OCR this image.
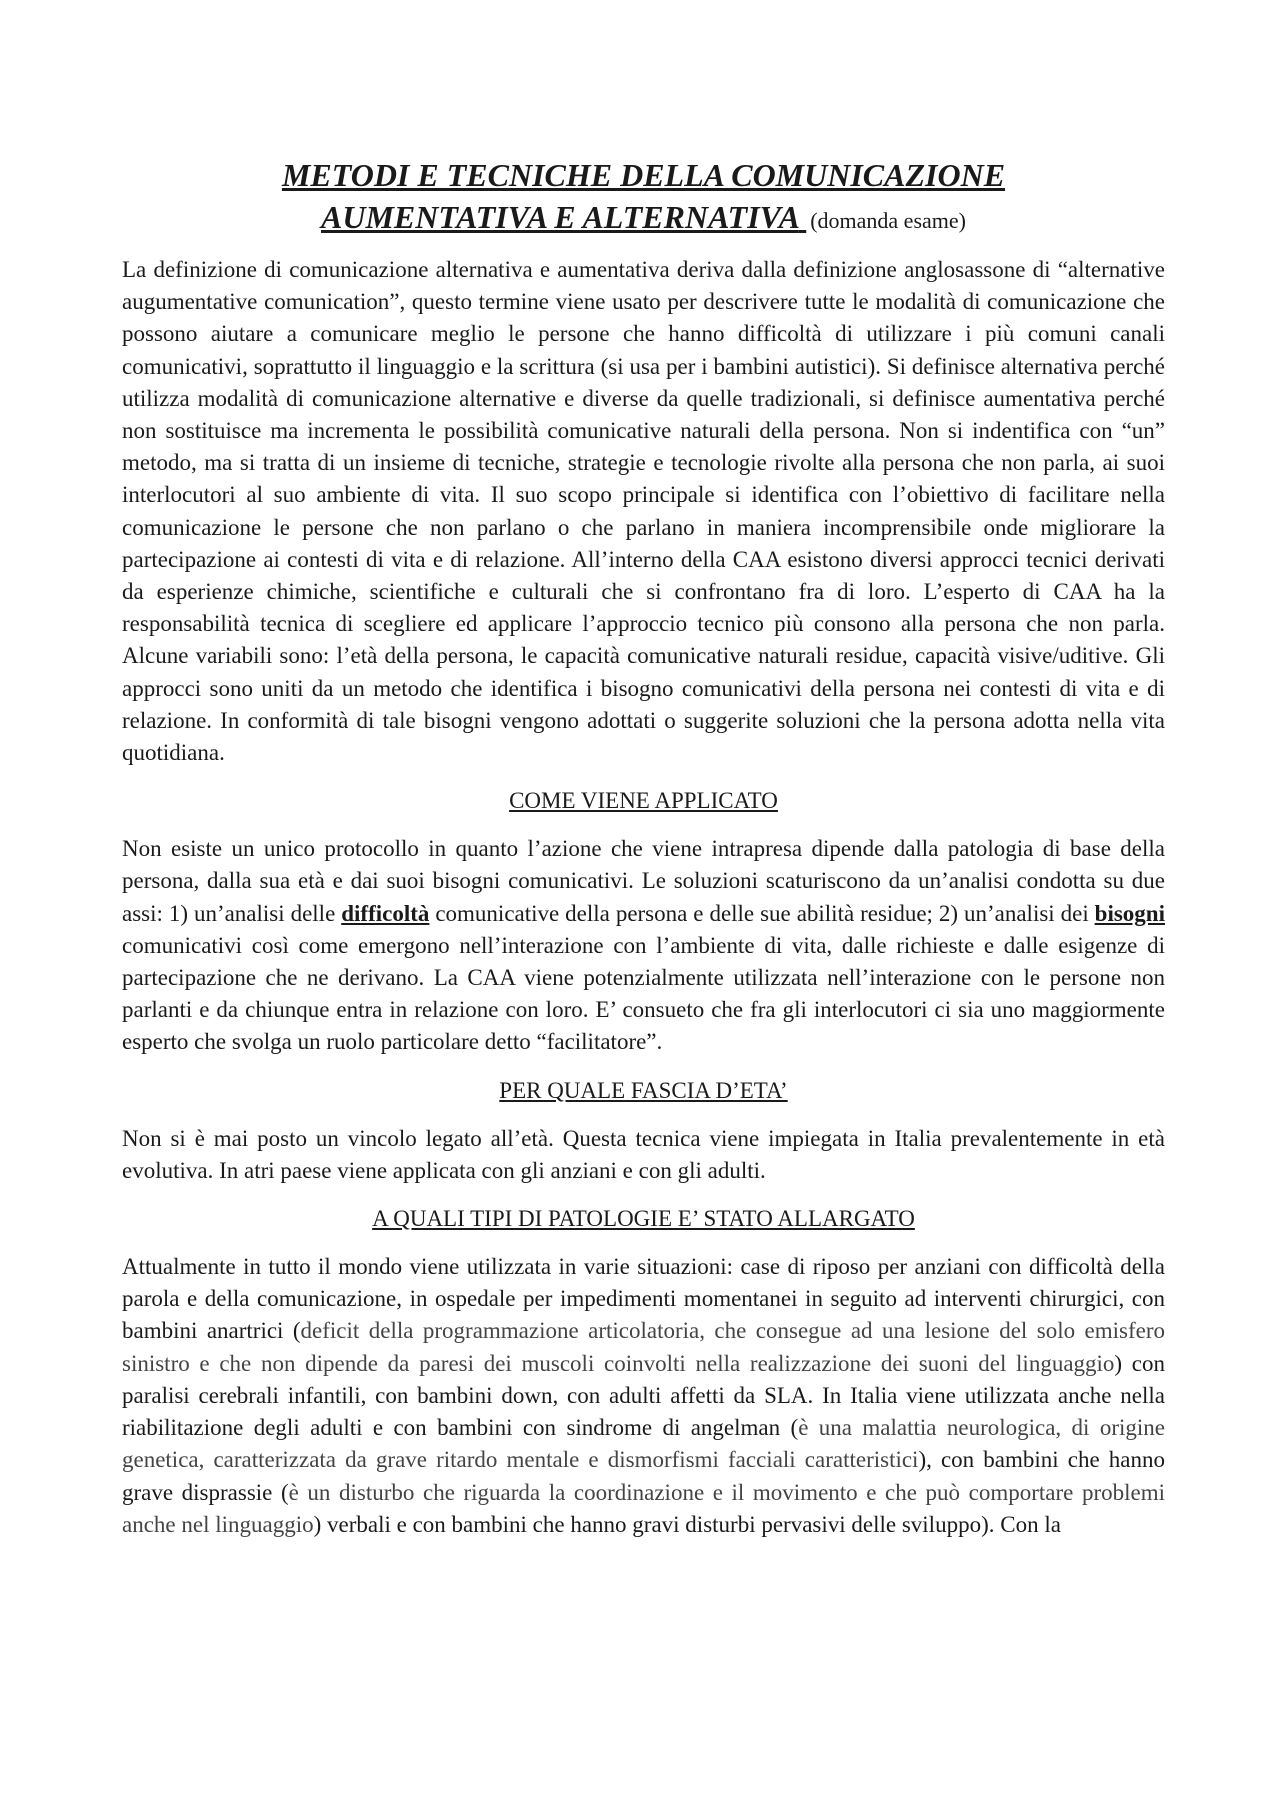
METODI E TECNICHE DELLA COMUNICAZIONE
AUMENTATIVA E ALTERNATIVA (domanda esame)

La definizione di comunicazione alternativa e aumentativa deriva dalla definizione anglosassone di “alternative augumentative comunication”, questo termine viene usato per descrivere tutte le modalità di comunicazione che possono aiutare a comunicare meglio le persone che hanno difficoltà di utilizzare i più comuni canali comunicativi, soprattutto il linguaggio e la scrittura (si usa per i bambini autistici). Si definisce alternativa perché utilizza modalità di comunicazione alternative e diverse da quelle tradizionali, si definisce aumentativa perché non sostituisce ma incrementa le possibilità comunicative naturali della persona. Non si indentifica con “un” metodo, ma si tratta di un insieme di tecniche, strategie e tecnologie rivolte alla persona che non parla, ai suoi interlocutori al suo ambiente di vita. Il suo scopo principale si identifica con l’obiettivo di facilitare nella comunicazione le persone che non parlano o che parlano in maniera incomprensibile onde migliorare la partecipazione ai contesti di vita e di relazione. All’interno della CAA esistono diversi approcci tecnici derivati da esperienze chimiche, scientifiche e culturali che si confrontano fra di loro. L’esperto di CAA ha la responsabilità tecnica di scegliere ed applicare l’approccio tecnico più consono alla persona che non parla. Alcune variabili sono: l’età della persona, le capacità comunicative naturali residue, capacità visive/uditive. Gli approcci sono uniti da un metodo che identifica i bisogno comunicativi della persona nei contesti di vita e di relazione. In conformità di tale bisogni vengono adottati o suggerite soluzioni che la persona adotta nella vita quotidiana.

COME VIENE APPLICATO

Non esiste un unico protocollo in quanto l’azione che viene intrapresa dipende dalla patologia di base della persona, dalla sua età e dai suoi bisogni comunicativi. Le soluzioni scaturiscono da un’analisi condotta su due assi: 1) un’analisi delle difficoltà comunicative della persona e delle sue abilità residue; 2) un’analisi dei bisogni comunicativi così come emergono nell’interazione con l’ambiente di vita, dalle richieste e dalle esigenze di partecipazione che ne derivano. La CAA viene potenzialmente utilizzata nell’interazione con le persone non parlanti e da chiunque entra in relazione con loro. E’ consueto che fra gli interlocutori ci sia uno maggiormente esperto che svolga un ruolo particolare detto “facilitatore”.

PER QUALE FASCIA D’ETA’

Non si è mai posto un vincolo legato all’età. Questa tecnica viene impiegata in Italia prevalentemente in età evolutiva. In atri paese viene applicata con gli anziani e con gli adulti.

A QUALI TIPI DI PATOLOGIE E’ STATO ALLARGATO

Attualmente in tutto il mondo viene utilizzata in varie situazioni: case di riposo per anziani con difficoltà della parola e della comunicazione, in ospedale per impedimenti momentanei in seguito ad interventi chirurgici, con bambini anartrici (deficit della programmazione articolatoria, che consegue ad una lesione del solo emisfero sinistro e che non dipende da paresi dei muscoli coinvolti nella realizzazione dei suoni del linguaggio) con paralisi cerebrali infantili, con bambini down, con adulti affetti da SLA. In Italia viene utilizzata anche nella riabilitazione degli adulti e con bambini con sindrome di angelman (è una malattia neurologica, di origine genetica, caratterizzata da grave ritardo mentale e dismorfismi facciali caratteristici), con bambini che hanno grave disprassie (è un disturbo che riguarda la coordinazione e il movimento e che può comportare problemi anche nel linguaggio) verbali e con bambini che hanno gravi disturbi pervasivi delle sviluppo). Con la
